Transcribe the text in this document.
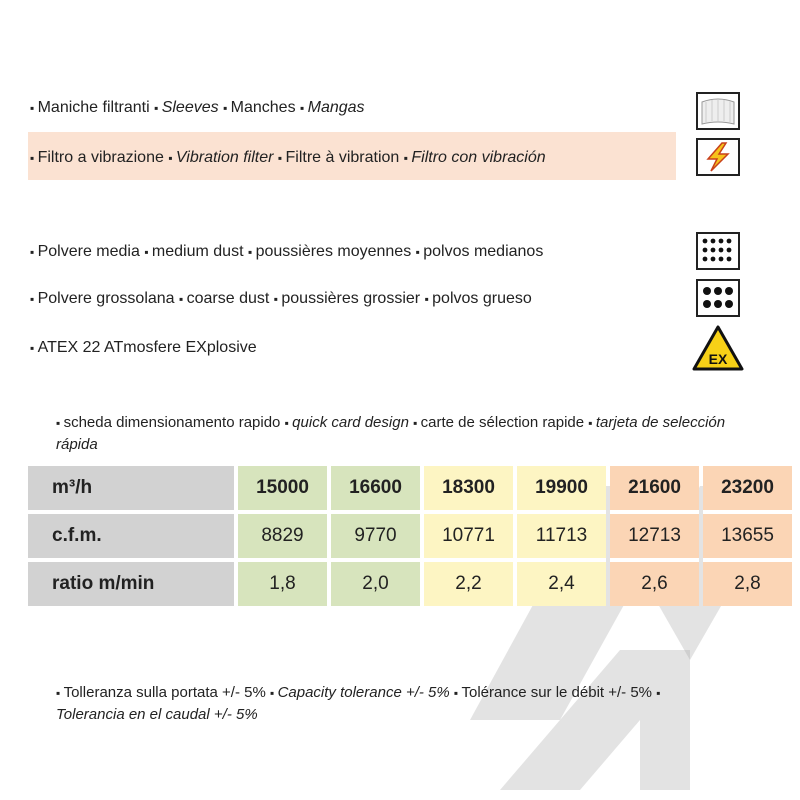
▪ Maniche filtranti ▪ Sleeves ▪ Manches ▪ Mangas
▪ Filtro a vibrazione ▪ Vibration filter ▪ Filtre à vibration ▪ Filtro con vibración
▪ Polvere media ▪ medium dust ▪ poussières moyennes ▪ polvos medianos
▪ Polvere grossolana ▪ coarse dust ▪ poussières grossier ▪ polvos grueso
▪ ATEX 22 ATmosfere EXplosive
EX
▪ scheda dimensionamento rapido ▪ quick card design ▪ carte de sélection rapide ▪ tarjeta de selección rápida
m³/h	15000	16600	18300	19900	21600	23200
c.f.m.	8829	9770	10771	11713	12713	13655
ratio m/min	1,8	2,0	2,2	2,4	2,6	2,8
▪ Tolleranza sulla portata +/- 5% ▪ Capacity tolerance +/- 5% ▪ Tolérance sur le débit +/- 5% ▪
Tolerancia en el caudal +/- 5%
